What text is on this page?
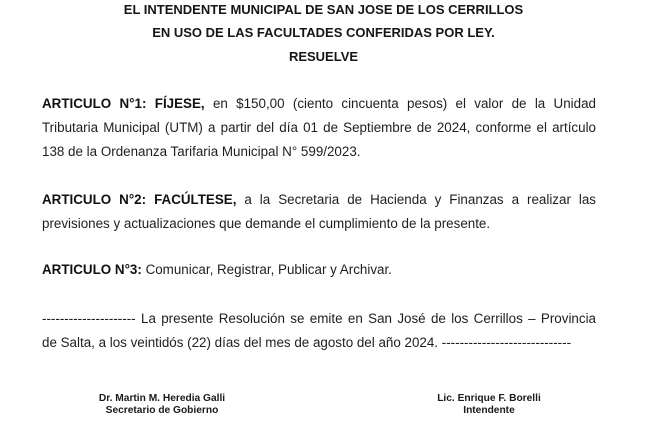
EL INTENDENTE MUNICIPAL DE SAN JOSE DE LOS CERRILLOS
EN USO DE LAS FACULTADES CONFERIDAS POR LEY.
RESUELVE
ARTICULO N°1: FÍJESE, en $150,00 (ciento cincuenta pesos) el valor de la Unidad
Tributaria Municipal (UTM) a partir del día 01 de Septiembre de 2024, conforme el artículo
138 de la Ordenanza Tarifaria Municipal N° 599/2023.
ARTICULO N°2: FACÚLTESE, a la Secretaria de Hacienda y Finanzas a realizar las
previsiones y actualizaciones que demande el cumplimiento de la presente.
ARTICULO N°3: Comunicar, Registrar, Publicar y Archivar.
--------------------- La presente Resolución se emite en San José de los Cerrillos – Provincia
de Salta, a los veintidós (22) días del mes de agosto del año 2024. -----------------------------
Dr. Martin M. Heredia Galli
Secretario de Gobierno
Lic. Enrique F. Borelli
Intendente
